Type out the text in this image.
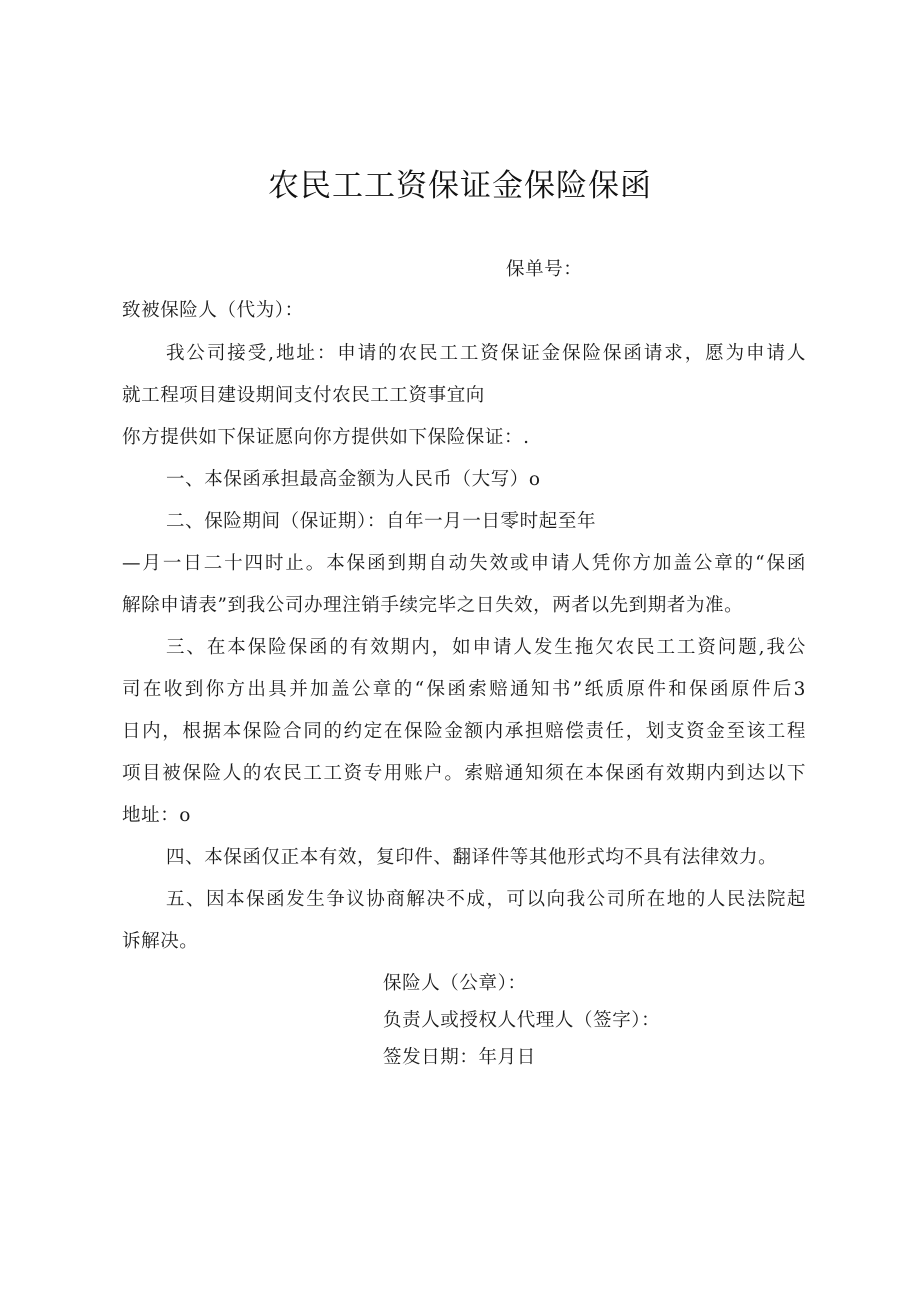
农民工工资保证金保险保函
保单号：
致被保险人（代为）：
我公司接受,地址：申请的农民工工资保证金保险保函请求，愿为申请人
就工程项目建设期间支付农民工工资事宜向
你方提供如下保证愿向你方提供如下保险保证：.
一、本保函承担最高金额为人民币（大写）o
二、保险期间（保证期）：自年一月一日零时起至年
—月一日二十四时止。本保函到期自动失效或申请人凭你方加盖公章的“保函
解除申请表”到我公司办理注销手续完毕之日失效，两者以先到期者为准。
三、在本保险保函的有效期内，如申请人发生拖欠农民工工资问题,我公
司在收到你方出具并加盖公章的“保函索赔通知书”纸质原件和保函原件后3
日内，根据本保险合同的约定在保险金额内承担赔偿责任，划支资金至该工程
项目被保险人的农民工工资专用账户。索赔通知须在本保函有效期内到达以下
地址：o
四、本保函仅正本有效，复印件、翻译件等其他形式均不具有法律效力。
五、因本保函发生争议协商解决不成，可以向我公司所在地的人民法院起
诉解决。
保险人（公章）：
负责人或授权人代理人（签字）：
签发日期：年月日
